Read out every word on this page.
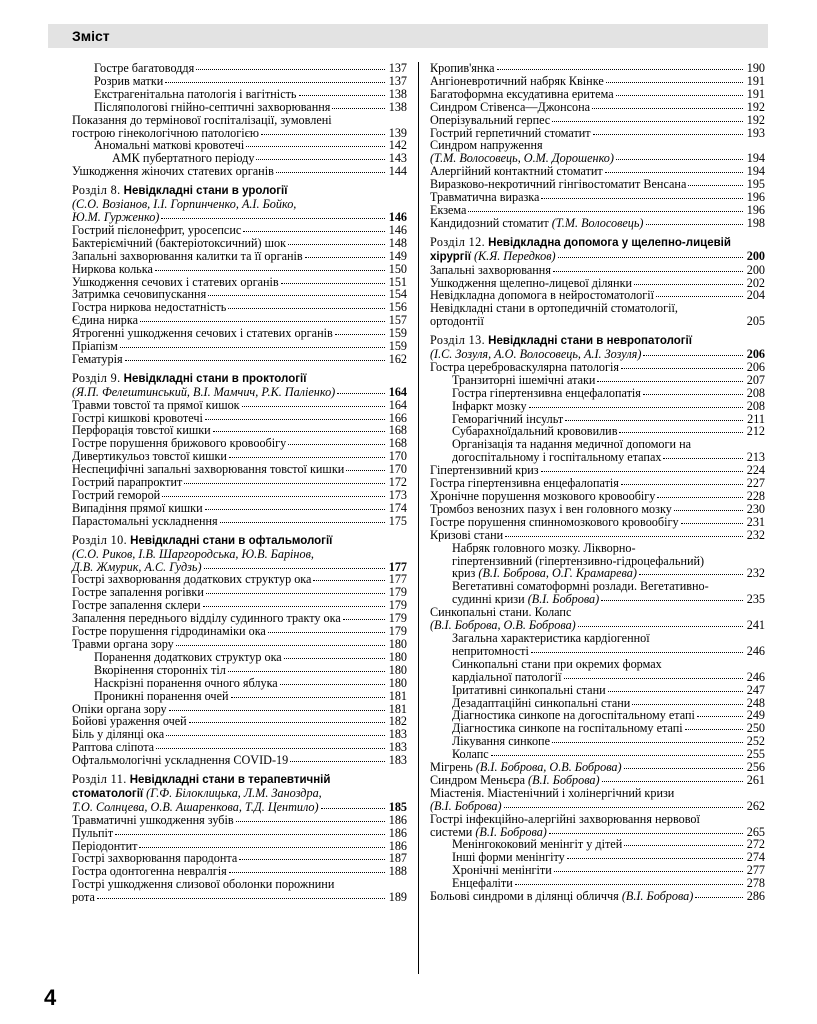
Зміст
Гостре багатоводдя	137
Розрив матки	137
Екстрагенітальна патологія і вагітність	138
Післяпологові гнійно-септичні захворювання	138
Показання до термінової госпіталізації, зумовлені
гострою гінекологічною патологією	139
Аномальні маткові кровотечі	142
АМК пубертатного періоду	143
Ушкодження жіночих статевих органів	144
Розділ 8. Невідкладні стани в урології
(С.О. Возіанов, І.І. Горпинченко, А.І. Бойко,
Ю.М. Гурженко)	146
Гострий пієлонефрит, уросепсис	146
Бактеріємічний (бактеріотоксичний) шок	148
Запальні захворювання калитки та її органів	149
Ниркова колька	150
Ушкодження сечових і статевих органів	151
Затримка сечовипускання	154
Гостра ниркова недостатність	156
Єдина нирка	157
Ятрогенні ушкодження сечових і статевих органів	159
Пріапізм	159
Гематурія	162
Розділ 9. Невідкладні стани в проктології
(Я.П. Фелештинський, В.І. Мамчич, Р.К. Паліенко)	164
Травми товстої та прямої кишок	164
Гострі кишкові кровотечі	166
Перфорація товстої кишки	168
Гостре порушення брижового кровообігу	168
Дивертикульоз товстої кишки	170
Неспецифічні запальні захворювання товстої кишки	170
Гострий парапроктит	172
Гострий геморой	173
Випадіння прямої кишки	174
Парастомальні ускладнення	175
Розділ 10. Невідкладні стани в офтальмології
(С.О. Риков, І.В. Шаргородська, Ю.В. Барінов,
Д.В. Жмурик, А.С. Гудзь)	177
Гострі захворювання додаткових структур ока	177
Гостре запалення рогівки	179
Гостре запалення склери	179
Запалення переднього відділу судинного тракту ока	179
Гостре порушення гідродинаміки ока	179
Травми органа зору	180
Поранення додаткових структур ока	180
Вкорінення сторонніх тіл	180
Наскрізні поранення очного яблука	180
Проникні поранення очей	181
Опіки органа зору	181
Бойові ураження очей	182
Біль у ділянці ока	183
Раптова сліпота	183
Офтальмологічні ускладнення COVID-19	183
Розділ 11. Невідкладні стани в терапевтичній
стоматології (Г.Ф. Білоклицька, Л.М. Занoздра,
Т.О. Солнцева, О.В. Ашаренкова, Т.Д. Центило)	185
Травматичні ушкодження зубів	186
Пульпіт	186
Періодонтит	186
Гострі захворювання пародонта	187
Гостра одонтогенна невралгія	188
Гострі ушкодження слизової оболонки порожнини
рота	189
Кропив'янка	190
Ангіоневротичний набряк Квінке	191
Багатоформна ексудативна еритема	191
Синдром Стівенса—Джонсона	192
Оперізувальний герпес	192
Гострий герпетичний стоматит	193
Синдром напруження
(Т.М. Волосовець, О.М. Дорошенко)	194
Алергійний контактний стоматит	194
Виразково-некротичний гінгівостоматит Венсана	195
Травматична виразка	196
Екзема	196
Кандидозний стоматит (Т.М. Волосовець)	198
Розділ 12. Невідкладна допомога у щелепно-лицевій
хірургії (К.Я. Передков)	200
Запальні захворювання	200
Ушкодження щелепно-лицевої ділянки	202
Невідкладна допомога в нейростоматології	204
Невідкладні стани в ортопедичній стоматології,
ортодонтії	205
Розділ 13. Невідкладні стани в невропатології
(І.С. Зозуля, А.О. Волосовець, А.І. Зозуля)	206
Гостра цереброваскулярна патологія	206
Транзиторні ішемічні атаки	207
Гостра гіпертензивна енцефалопатія	208
Інфаркт мозку	208
Геморагічний інсульт	211
Субарахноїдальний крововилив	212
Організація та надання медичної допомоги на
догоспітальному і госпітальному етапах	213
Гіпертензивний криз	224
Гостра гіпертензивна енцефалопатія	227
Хронічне порушення мозкового кровообігу	228
Тромбоз венозних пазух і вен головного мозку	230
Гостре порушення спинномозкового кровообігу	231
Кризові стани	232
Набряк головного мозку. Лікворно-
гіпертензивний (гіпертензивно-гідроцефальний)
криз (В.І. Боброва, О.Г. Крамарева)	232
Вегетативні соматоформні розлади. Вегетативно-
судинні кризи (В.І. Боброва)	235
Синкопальні стани. Колапс
(В.І. Боброва, О.В. Боброва)	241
Загальна характеристика кардіогенної
непритомності	246
Синкопальні стани при окремих формах
кардіальної патології	246
Іритативні синкопальні стани	247
Дезадаптаційні синкопальні стани	248
Діагностика синкопе на догоспітальному етапі	249
Діагностика синкопе на госпітальному етапі	250
Лікування синкопе	252
Колапс	255
Мігрень (В.І. Боброва, О.В. Боброва)	256
Синдром Меньєра (В.І. Боброва)	261
Міастенія. Міастенічний і холінергічний кризи
(В.І. Боброва)	262
Гострі інфекційно-алергійні захворювання нервової
системи (В.І. Боброва)	265
Менінгококовий менінгіт у дітей	272
Інші форми менінгіту	274
Хронічні менінгіти	277
Енцефаліти	278
Больові синдроми в ділянці обличчя (В.І. Боброва)	286
4
